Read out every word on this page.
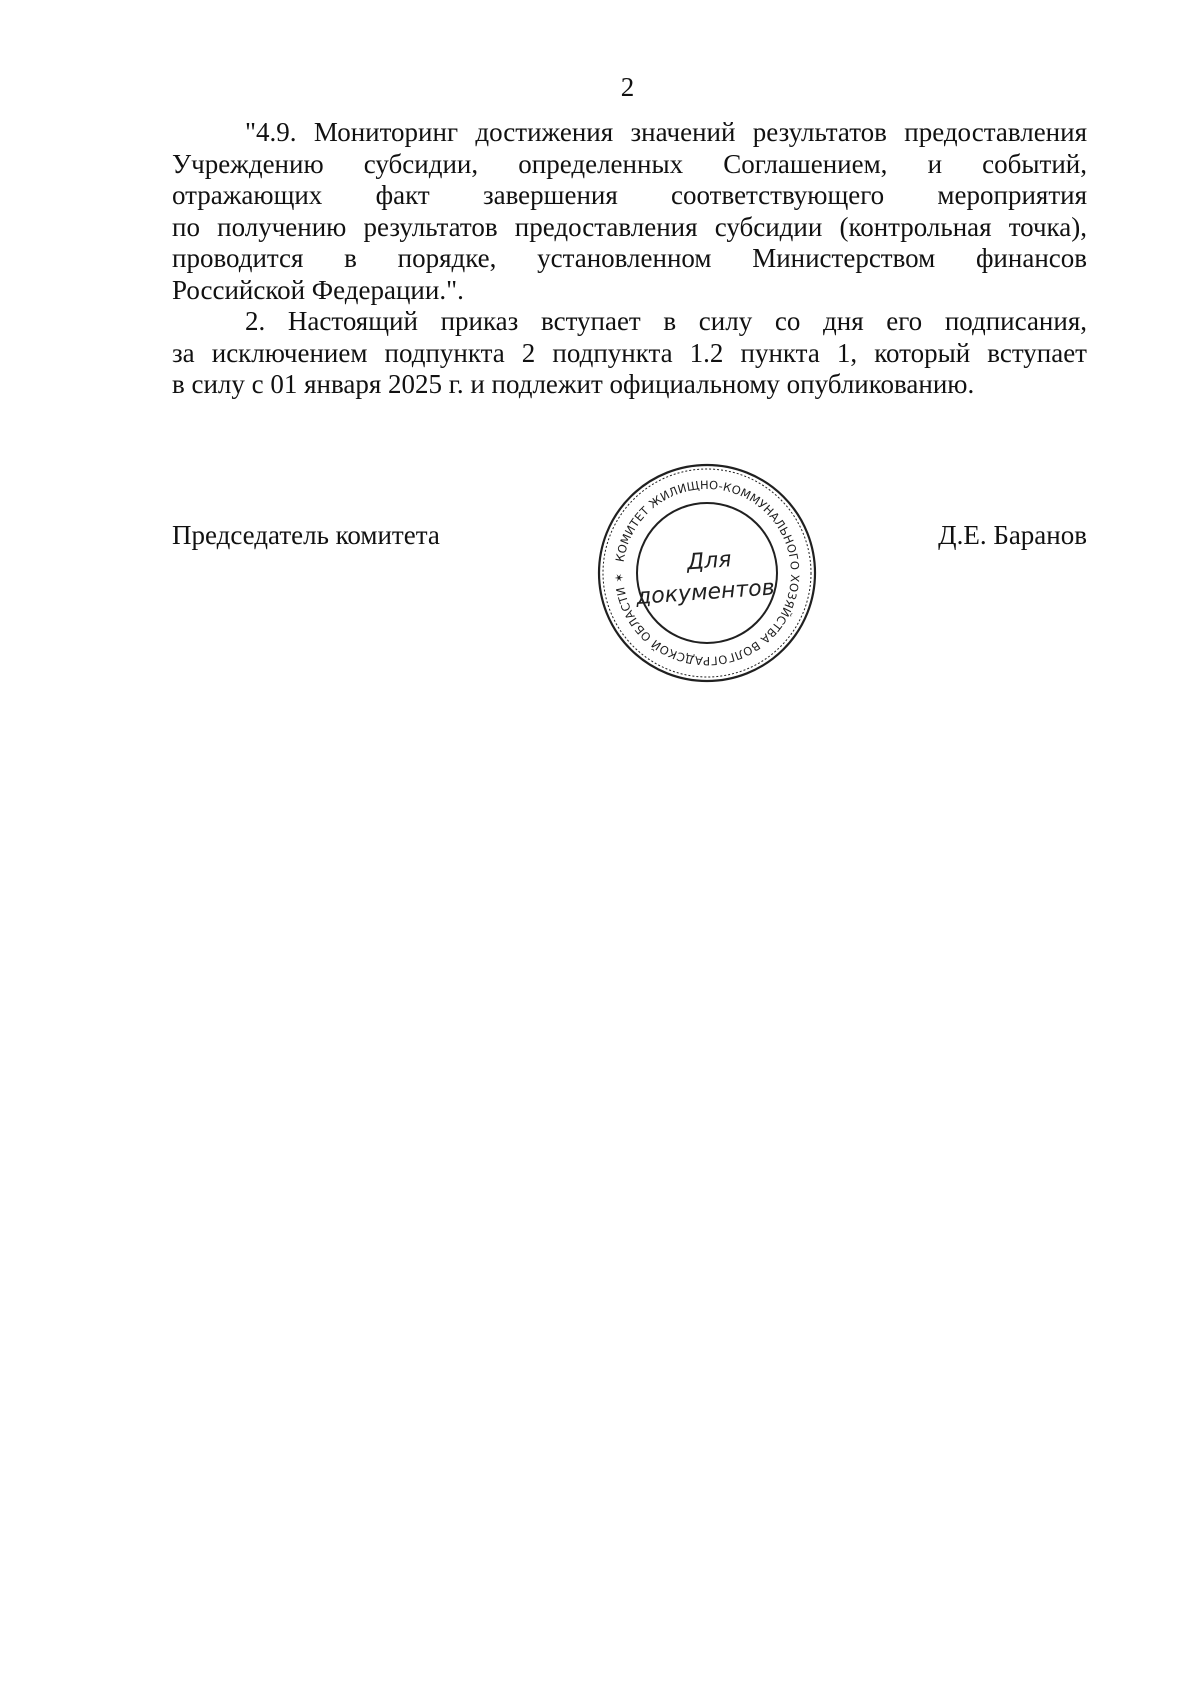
2
"4.9. Мониторинг достижения значений результатов предоставления
Учреждению субсидии, определенных Соглашением, и событий,
отражающих факт завершения соответствующего мероприятия
по получению результатов предоставления субсидии (контрольная точка),
проводится в порядке, установленном Министерством финансов
Российской Федерации.".
2. Настоящий приказ вступает в силу со дня его подписания,
за исключением подпункта 2 подпункта 1.2 пункта 1, который вступает
в силу с 01 января 2025 г. и подлежит официальному опубликованию.
Председатель комитета	Д.Е. Баранов
КОМИТЕТ ЖИЛИЩНО-КОММУНАЛЬНОГО ХОЗЯЙСТВА ВОЛГОГРАДСКОЙ ОБЛАСТИ ✶
Для
документов
